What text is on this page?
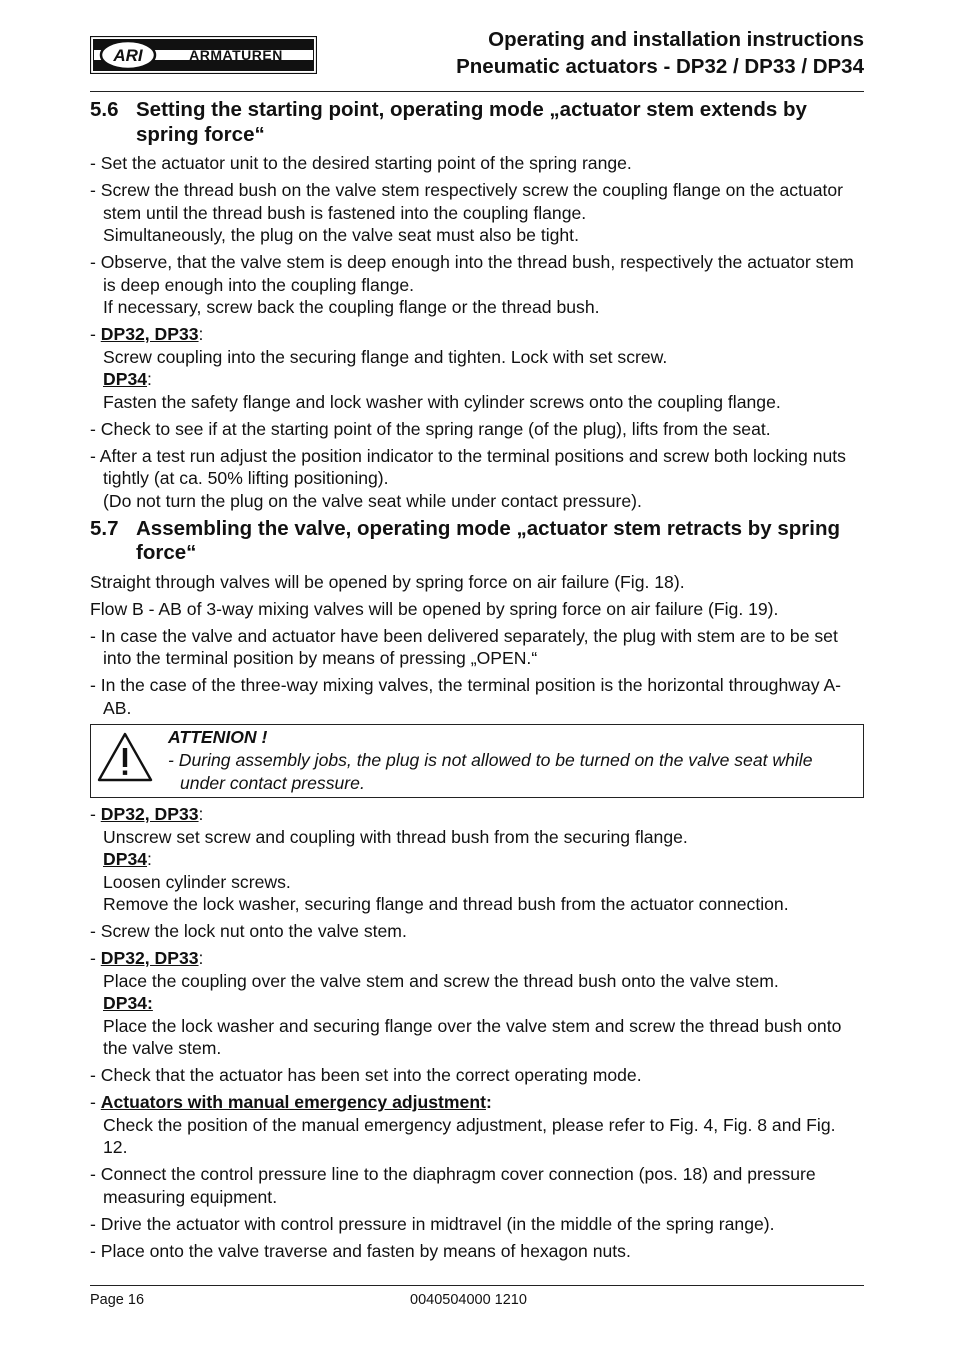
ARI	ARMATUREN
Operating and installation instructions
Pneumatic actuators - DP32 / DP33 / DP34
5.6 Setting the starting point, operating mode „actuator stem extends by spring force“
- Set the actuator unit to the desired starting point of the spring range.
- Screw the thread bush on the valve stem respectively screw the coupling flange on the actuator stem until the thread bush is fastened into the coupling flange.
Simultaneously, the plug on the valve seat must also be tight.
- Observe, that the valve stem is deep enough into the thread bush, respectively the actuator stem is deep enough into the coupling flange.
If necessary, screw back the coupling flange or the thread bush.
- DP32, DP33:
Screw coupling into the securing flange and tighten. Lock with set screw.
DP34:
Fasten the safety flange and lock washer with cylinder screws onto the coupling flange.
- Check to see if at the starting point of the spring range (of the plug), lifts from the seat.
- After a test run adjust the position indicator to the terminal positions and screw both locking nuts tightly (at ca. 50% lifting positioning).
(Do not turn the plug on the valve seat while under contact pressure).
5.7 Assembling the valve, operating mode „actuator stem retracts by spring force“
Straight through valves will be opened by spring force on air failure (Fig. 18).
Flow B - AB of 3-way mixing valves will be opened by spring force on air failure (Fig. 19).
- In case the valve and actuator have been delivered separately, the plug with stem are to be set into the terminal position by means of pressing „OPEN.“
- In the case of the three-way mixing valves, the terminal position is the horizontal throughway A-AB.
ATTENION !
- During assembly jobs, the plug is not allowed to be turned on the valve seat while under contact pressure.
- DP32, DP33:
Unscrew set screw and coupling with thread bush from the securing flange.
DP34:
Loosen cylinder screws.
Remove the lock washer, securing flange and thread bush from the actuator connection.
- Screw the lock nut onto the valve stem.
- DP32, DP33:
Place the coupling over the valve stem and screw the thread bush onto the valve stem.
DP34:
Place the lock washer and securing flange over the valve stem and screw the thread bush onto the valve stem.
- Check that the actuator has been set into the correct operating mode.
- Actuators with manual emergency adjustment:
Check the position of the manual emergency adjustment, please refer to Fig. 4, Fig. 8 and Fig. 12.
- Connect the control pressure line to the diaphragm cover connection (pos. 18) and pressure measuring equipment.
- Drive the actuator with control pressure in midtravel (in the middle of the spring range).
- Place onto the valve traverse and fasten by means of hexagon nuts.
Page 16	0040504000 1210
